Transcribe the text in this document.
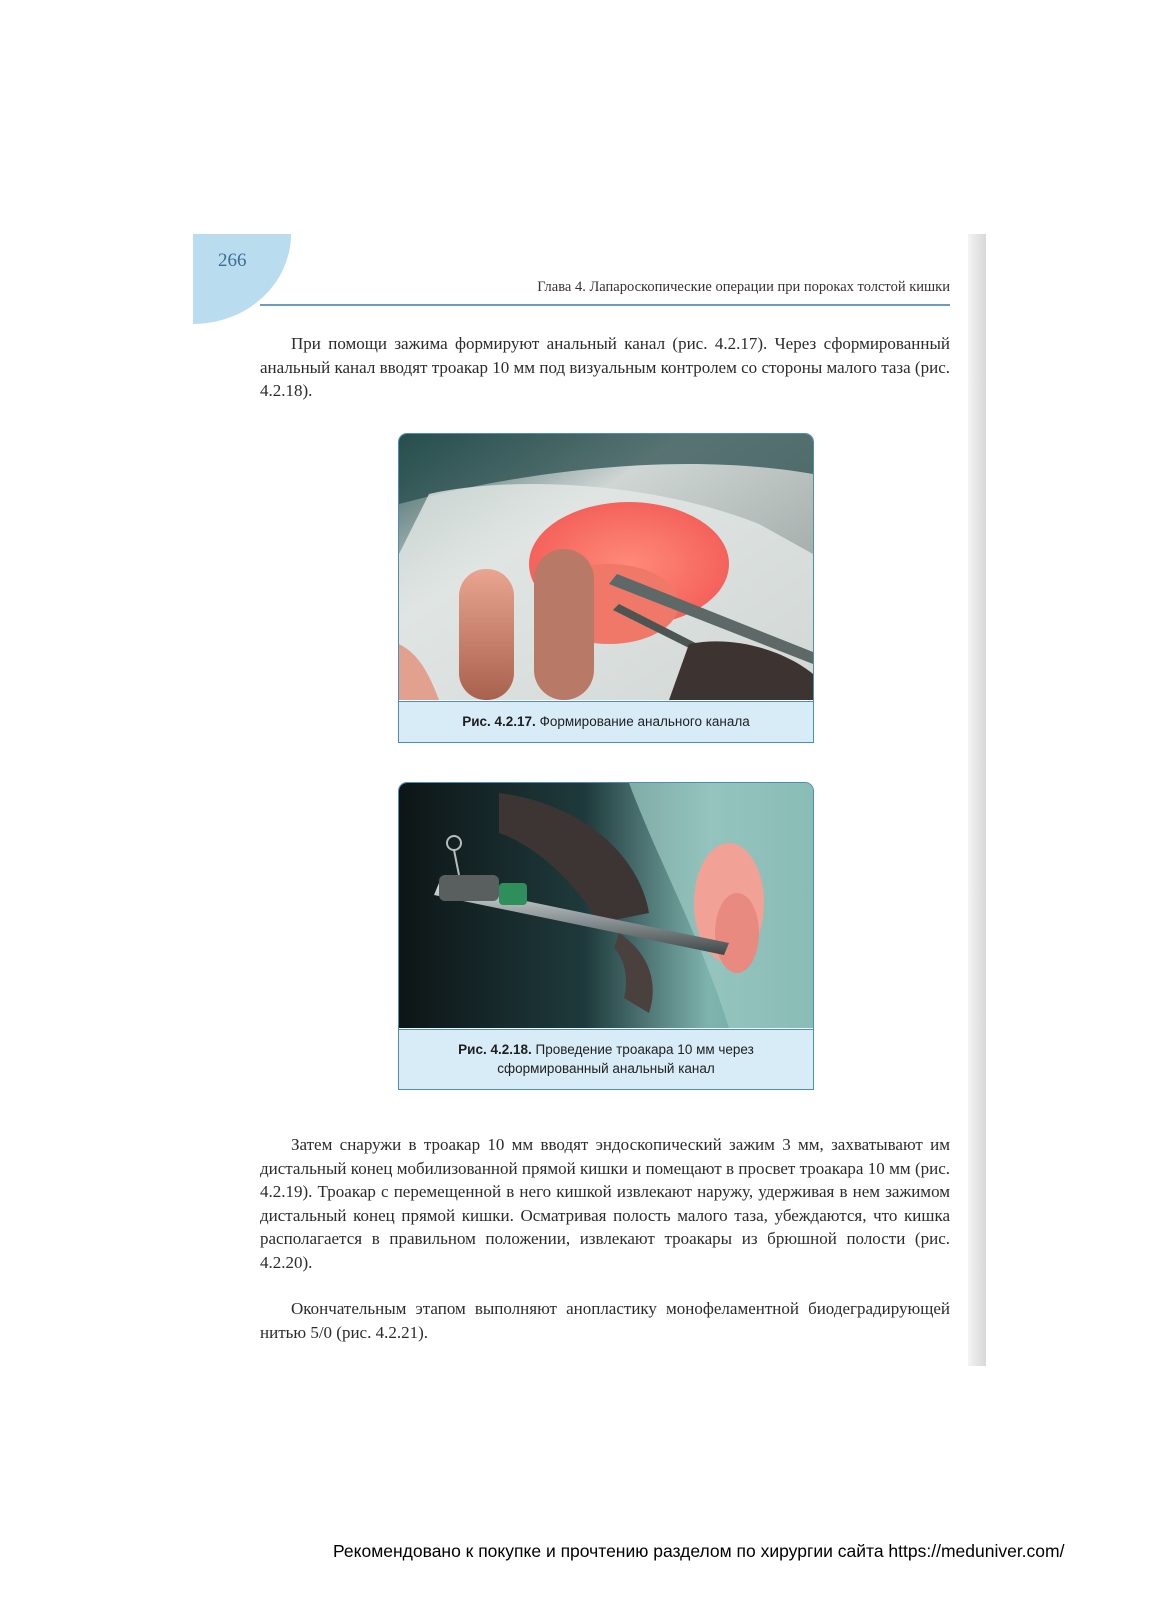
266
Глава 4. Лапароскопические операции при пороках толстой кишки

При помощи зажима формируют анальный канал (рис. 4.2.17). Через сформированный анальный канал вводят троакар 10 мм под визуальным контролем со стороны малого таза (рис. 4.2.18).

Рис. 4.2.17. Формирование анального канала
Рис. 4.2.18. Проведение троакара 10 мм через
сформированный анальный канал

Затем снаружи в троакар 10 мм вводят эндоскопический зажим 3 мм, захватывают им дистальный конец мобилизованной прямой кишки и помещают в просвет троакара 10 мм (рис. 4.2.19). Троакар с перемещенной в него кишкой извлекают наружу, удерживая в нем зажимом дистальный конец прямой кишки. Осматривая полость малого таза, убеждаются, что кишка располагается в правильном положении, извлекают троакары из брюшной полости (рис. 4.2.20).

Окончательным этапом выполняют анопластику монофеламентной биодеградирующей нитью 5/0 (рис. 4.2.21).

Рекомендовано к покупке и прочтению разделом по хирургии сайта https://meduniver.com/
